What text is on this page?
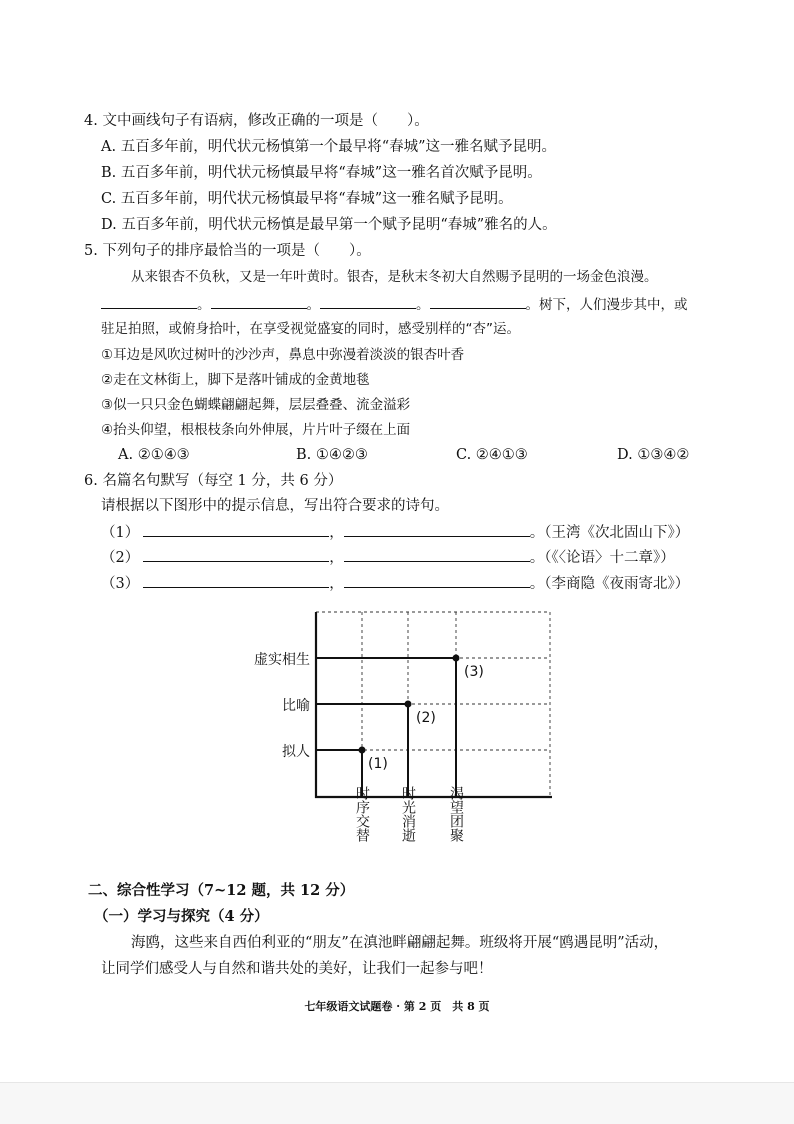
4. 文中画线句子有语病，修改正确的一项是（　　）。
A. 五百多年前，明代状元杨慎第一个最早将“春城”这一雅名赋予昆明。
B. 五百多年前，明代状元杨慎最早将“春城”这一雅名首次赋予昆明。
C. 五百多年前，明代状元杨慎最早将“春城”这一雅名赋予昆明。
D. 五百多年前，明代状元杨慎是最早第一个赋予昆明“春城”雅名的人。
5. 下列句子的排序最恰当的一项是（　　）。
从来银杏不负秋，又是一年叶黄时。银杏，是秋末冬初大自然赐予昆明的一场金色浪漫。
。	。	。	。树下，人们漫步其中，或
驻足拍照，或俯身拾叶，在享受视觉盛宴的同时，感受别样的“杏”运。
①耳边是风吹过树叶的沙沙声，鼻息中弥漫着淡淡的银杏叶香
②走在文林街上，脚下是落叶铺成的金黄地毯
③似一只只金色蝴蝶翩翩起舞，层层叠叠、流金溢彩
④抬头仰望，根根枝条向外伸展，片片叶子缀在上面
A. ②①④③	B. ①④②③	C. ②④①③	D. ①③④②
6. 名篇名句默写（每空 1 分，共 6 分）
请根据以下图形中的提示信息，写出符合要求的诗句。
（1）	，	。（王湾《次北固山下》）
（2）	，	。（《〈论语〉十二章》）
（3）	，	。（李商隐《夜雨寄北》）
虚实相生
比喻
拟人
(3)
(2)
(1)
时序交替 时光消逝 渴望团聚
二、综合性学习（7~12 题，共 12 分）
（一）学习与探究（4 分）
海鸥，这些来自西伯利亚的“朋友”在滇池畔翩翩起舞。班级将开展“鸥遇昆明”活动，
让同学们感受人与自然和谐共处的美好，让我们一起参与吧！
七年级语文试题卷 · 第 2 页　共 8 页
